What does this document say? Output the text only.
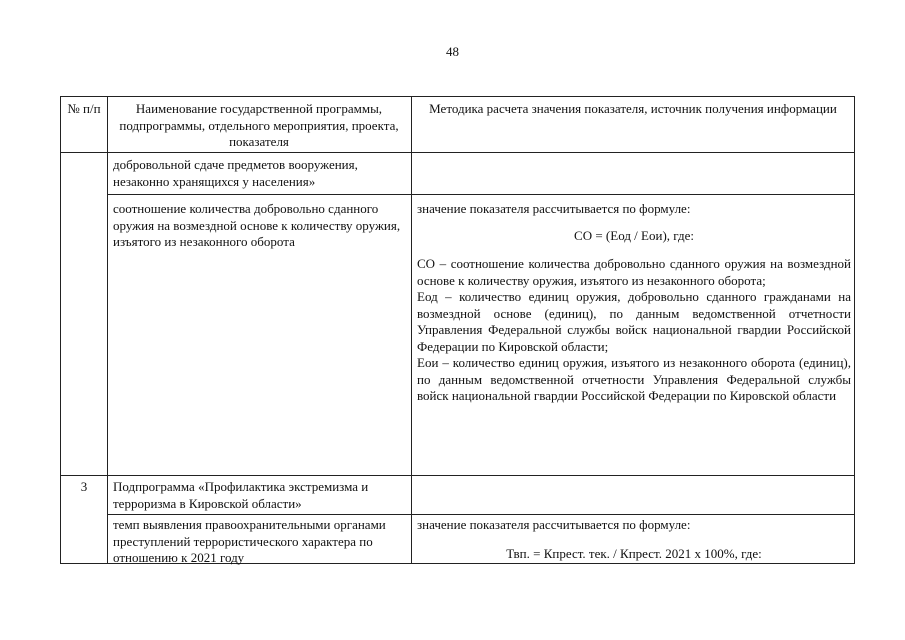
48
№ п/п	Наименование государственной программы, подпрограммы, отдельного мероприятия, проекта, показателя
Методика расчета значения показателя, источник получения информации
добровольной сдаче предметов вооружения, незаконно хранящихся у населения»
соотношение количества добровольно сданного оружия на возмездной основе к количеству оружия, изъятого из незаконного оборота

значение показателя рассчитывается по формуле:

СО = (Еод / Еои), где:

СО – соотношение количества добровольно сданного оружия на возмездной основе к количеству оружия, изъятого из незаконного оборота;

Еод – количество единиц оружия, добровольно сданного гражданами на возмездной основе (единиц), по данным ведомственной отчетности Управления Федеральной службы войск национальной гвардии Российской Федерации по Кировской области;

Еои – количество единиц оружия, изъятого из незаконного оборота (единиц), по данным ведомственной отчетности Управления Федеральной службы войск национальной гвардии Российской Федерации по Кировской области

3	Подпрограмма «Профилактика экстремизма и терроризма в Кировской области»
темп выявления правоохранительными органами преступлений террористического характера по отношению к 2021 году
значение показателя рассчитывается по формуле:
Твп. = Кпрест. тек. / Кпрест. 2021 х 100%, где:
